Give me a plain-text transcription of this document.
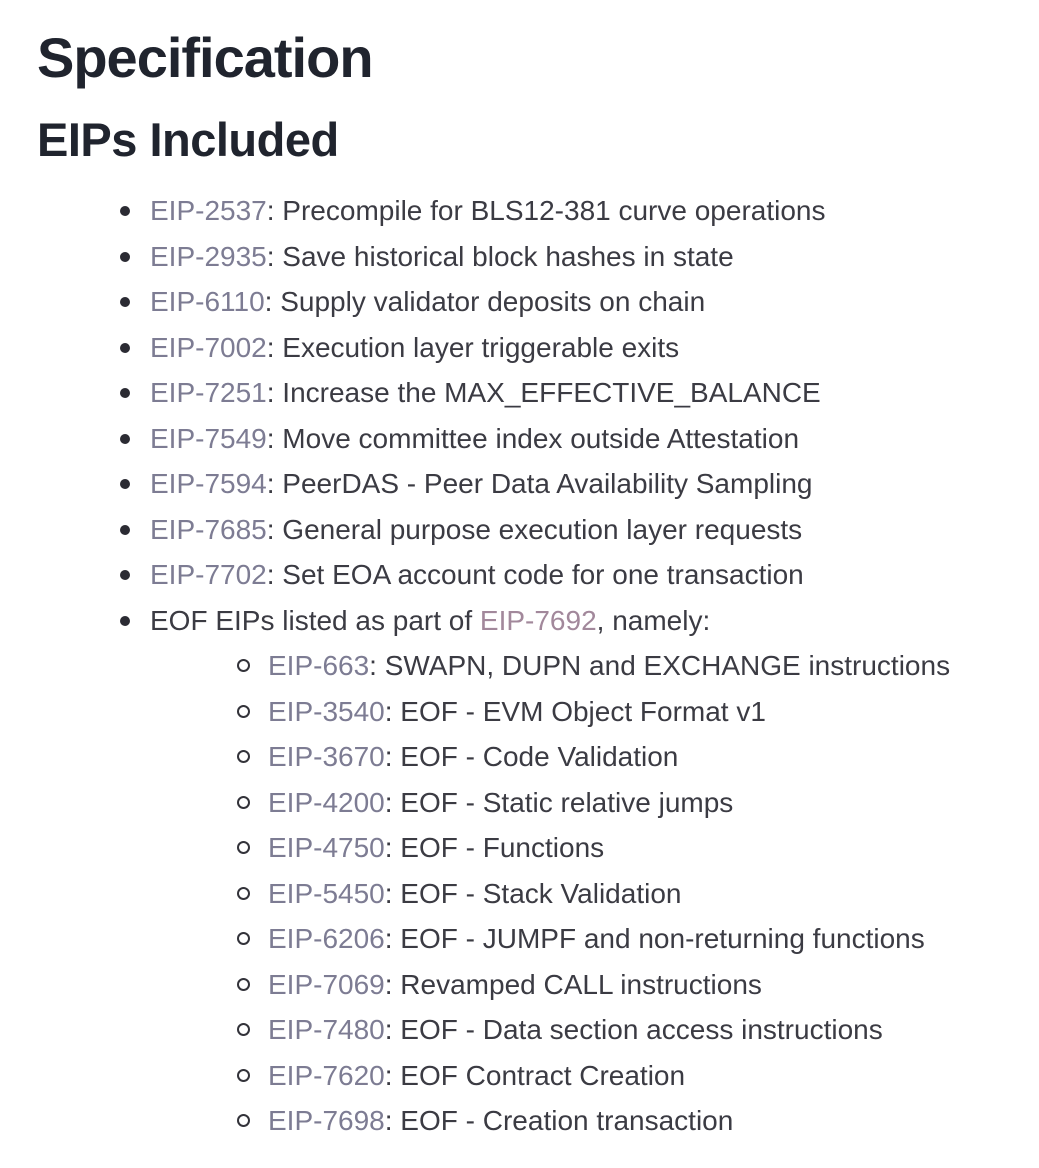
Specification
EIPs Included
EIP-2537: Precompile for BLS12-381 curve operations
EIP-2935: Save historical block hashes in state
EIP-6110: Supply validator deposits on chain
EIP-7002: Execution layer triggerable exits
EIP-7251: Increase the MAX_EFFECTIVE_BALANCE
EIP-7549: Move committee index outside Attestation
EIP-7594: PeerDAS - Peer Data Availability Sampling
EIP-7685: General purpose execution layer requests
EIP-7702: Set EOA account code for one transaction
EOF EIPs listed as part of EIP-7692, namely:
EIP-663: SWAPN, DUPN and EXCHANGE instructions
EIP-3540: EOF - EVM Object Format v1
EIP-3670: EOF - Code Validation
EIP-4200: EOF - Static relative jumps
EIP-4750: EOF - Functions
EIP-5450: EOF - Stack Validation
EIP-6206: EOF - JUMPF and non-returning functions
EIP-7069: Revamped CALL instructions
EIP-7480: EOF - Data section access instructions
EIP-7620: EOF Contract Creation
EIP-7698: EOF - Creation transaction
